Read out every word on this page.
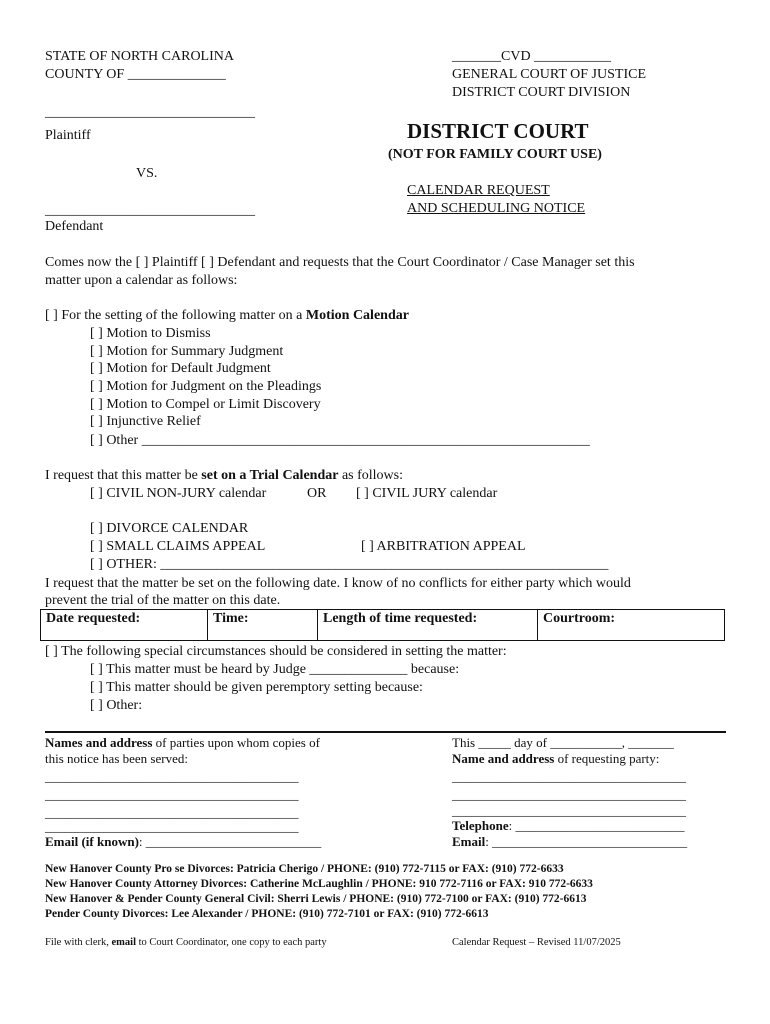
STATE OF NORTH CAROLINA
COUNTY OF ______________
______________________________
Plaintiff
VS.
______________________________
Defendant
_______CVD ___________
GENERAL COURT OF JUSTICE
DISTRICT COURT DIVISION
DISTRICT COURT
(NOT FOR FAMILY COURT USE)
CALENDAR REQUEST
AND SCHEDULING NOTICE
Comes now the [ ] Plaintiff [ ] Defendant and requests that the Court Coordinator / Case Manager set this
matter upon a calendar as follows:
[ ] For the setting of the following matter on a Motion Calendar
[ ] Motion to Dismiss
[ ] Motion for Summary Judgment
[ ] Motion for Default Judgment
[ ] Motion for Judgment on the Pleadings
[ ] Motion to Compel or Limit Discovery
[ ] Injunctive Relief
[ ] Other ________________________________________________________________
I request that this matter be set on a Trial Calendar as follows:
[ ] CIVIL NON-JURY calendar	OR [ ] CIVIL JURY calendar
[ ] DIVORCE CALENDAR
[ ] SMALL CLAIMS APPEAL	[ ] ARBITRATION APPEAL
[ ] OTHER: ________________________________________________________________
I request that the matter be set on the following date. I know of no conflicts for either party which would
prevent the trial of the matter on this date.
Date requested:	Time:	Length of time requested:	Courtroom:
[ ] The following special circumstances should be considered in setting the matter:
[ ] This matter must be heard by Judge ______________ because:
[ ] This matter should be given peremptory setting because:
[ ] Other:
Names and address of parties upon whom copies of
this notice has been served:
_______________________________________
_______________________________________
_______________________________________
_______________________________________
Email (if known): ___________________________
This _____ day of ___________, _______
Name and address of requesting party:
____________________________________
____________________________________
____________________________________
Telephone: __________________________
Email: ______________________________
New Hanover County Pro se Divorces: Patricia Cherigo / PHONE: (910) 772-7115 or FAX: (910) 772-6633
New Hanover County Attorney Divorces: Catherine McLaughlin / PHONE: 910 772-7116 or FAX: 910 772-6633
New Hanover & Pender County General Civil: Sherri Lewis / PHONE: (910) 772-7100 or FAX: (910) 772-6613
Pender County Divorces: Lee Alexander / PHONE: (910) 772-7101 or FAX: (910) 772-6613
File with clerk, email to Court Coordinator, one copy to each party	Calendar Request – Revised 11/07/2025
